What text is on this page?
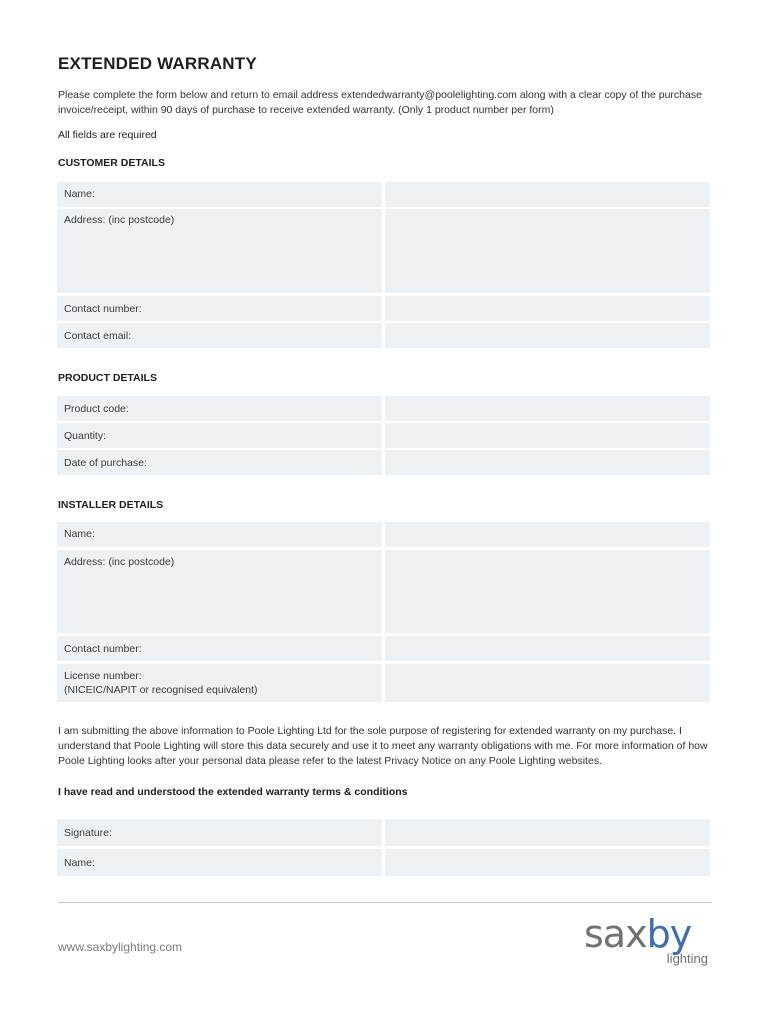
EXTENDED WARRANTY
Please complete the form below and return to email address extendedwarranty@poolelighting.com along with a clear copy of the purchase invoice/receipt, within 90 days of purchase to receive extended warranty. (Only 1 product number per form)
All fields are required
CUSTOMER DETAILS
Name:
Address: (inc postcode)
Contact number:
Contact email:
PRODUCT DETAILS
Product code:
Quantity:
Date of purchase:
INSTALLER DETAILS
Name:
Address: (inc postcode)
Contact number:
License number:
(NICEIC/NAPIT or recognised equivalent)
I am submitting the above information to Poole Lighting Ltd for the sole purpose of registering for extended warranty on my purchase. I understand that Poole Lighting will store this data securely and use it to meet any warranty obligations with me. For more information of how Poole Lighting looks after your personal data please refer to the latest Privacy Notice on any Poole Lighting websites.
I have read and understood the extended warranty terms & conditions
Signature:
Name:
www.saxbylighting.com	saxby
lighting
